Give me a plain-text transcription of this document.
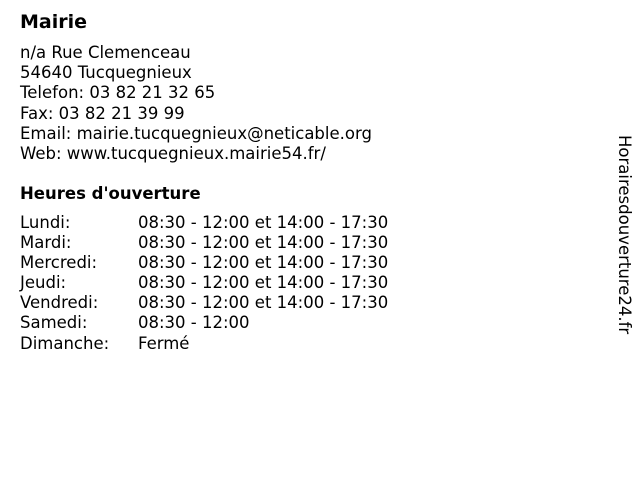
Mairie
n/a Rue Clemenceau
54640 Tucquegnieux
Telefon: 03 82 21 32 65
Fax: 03 82 21 39 99
Email: mairie.tucquegnieux@neticable.org
Web: www.tucquegnieux.mairie54.fr/
Heures d'ouverture
Lundi:	08:30 - 12:00 et 14:00 - 17:30
Mardi:	08:30 - 12:00 et 14:00 - 17:30
Mercredi:	08:30 - 12:00 et 14:00 - 17:30
Jeudi:	08:30 - 12:00 et 14:00 - 17:30
Vendredi:	08:30 - 12:00 et 14:00 - 17:30
Samedi:	08:30 - 12:00
Dimanche:	Fermé
Horairesdouverture24.fr
